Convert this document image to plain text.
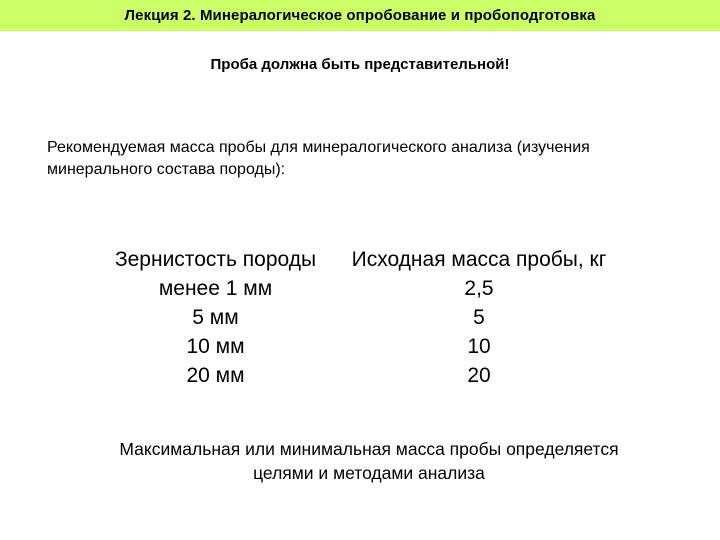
Лекция 2. Минералогическое опробование и пробоподготовка
Проба должна быть представительной!
Рекомендуемая масса пробы для минералогического анализа (изучения
минерального состава породы):
Зернистость породы	Исходная масса пробы, кг
менее 1 мм	2,5
5 мм	5
10 мм	10
20 мм	20
Максимальная или минимальная масса пробы определяется
целями и методами анализа
